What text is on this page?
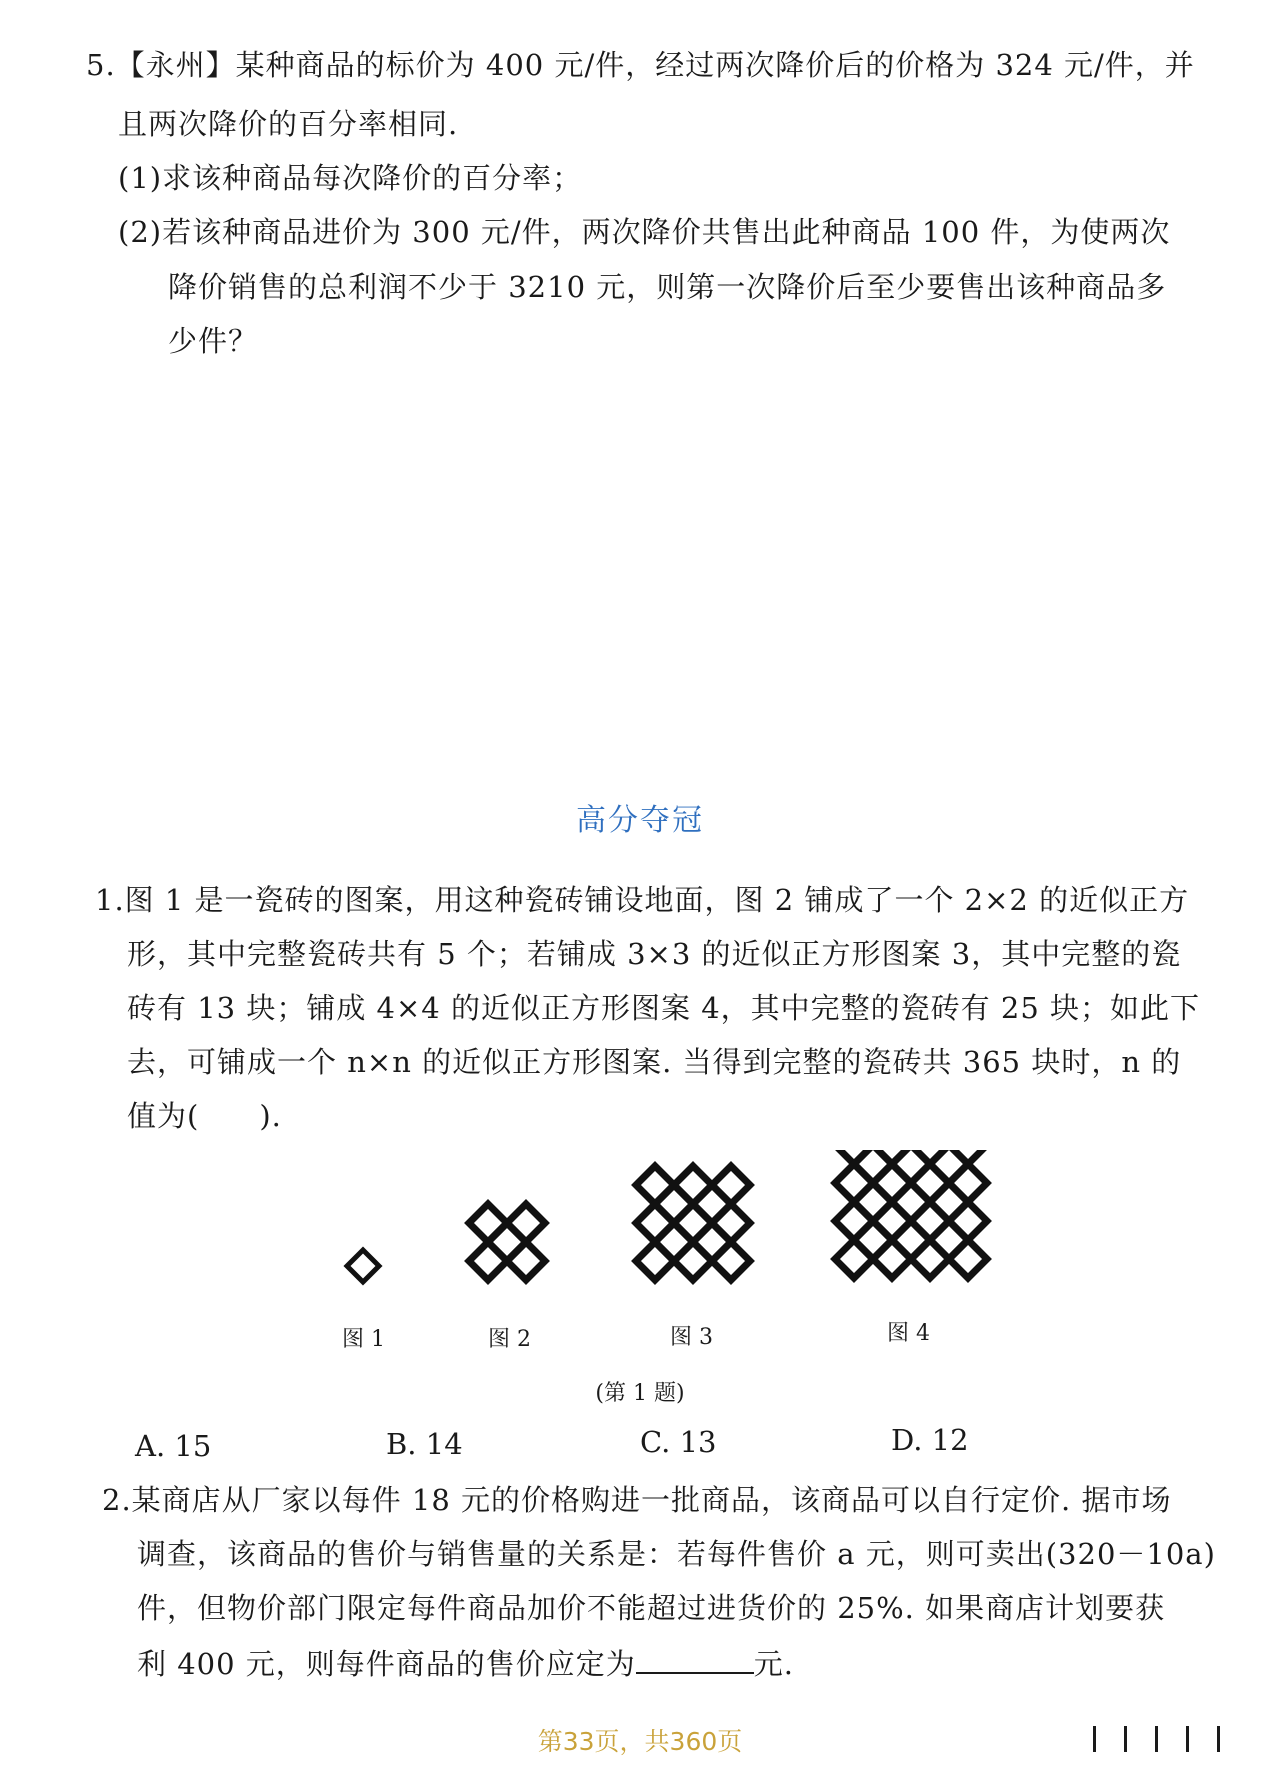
5.【永州】某种商品的标价为 400 元/件，经过两次降价后的价格为 324 元/件，并
且两次降价的百分率相同.
(1)求该种商品每次降价的百分率；
(2)若该种商品进价为 300 元/件，两次降价共售出此种商品 100 件，为使两次
降价销售的总利润不少于 3210 元，则第一次降价后至少要售出该种商品多
少件？
高分夺冠
1.图 1 是一瓷砖的图案，用这种瓷砖铺设地面，图 2 铺成了一个 2×2 的近似正方
形，其中完整瓷砖共有 5 个；若铺成 3×3 的近似正方形图案 3，其中完整的瓷
砖有 13 块；铺成 4×4 的近似正方形图案 4，其中完整的瓷砖有 25 块；如此下
去，可铺成一个 n×n 的近似正方形图案. 当得到完整的瓷砖共 365 块时，n 的
值为(　　).
图 1	图 2	图 3	图 4
(第 1 题)
A. 15	B. 14	C. 13	D. 12
2.某商店从厂家以每件 18 元的价格购进一批商品，该商品可以自行定价. 据市场
调查，该商品的售价与销售量的关系是：若每件售价 a 元，则可卖出(320－10a)
件，但物价部门限定每件商品加价不能超过进货价的 25%. 如果商店计划要获
利 400 元，则每件商品的售价应定为	元.
第33页，共360页
